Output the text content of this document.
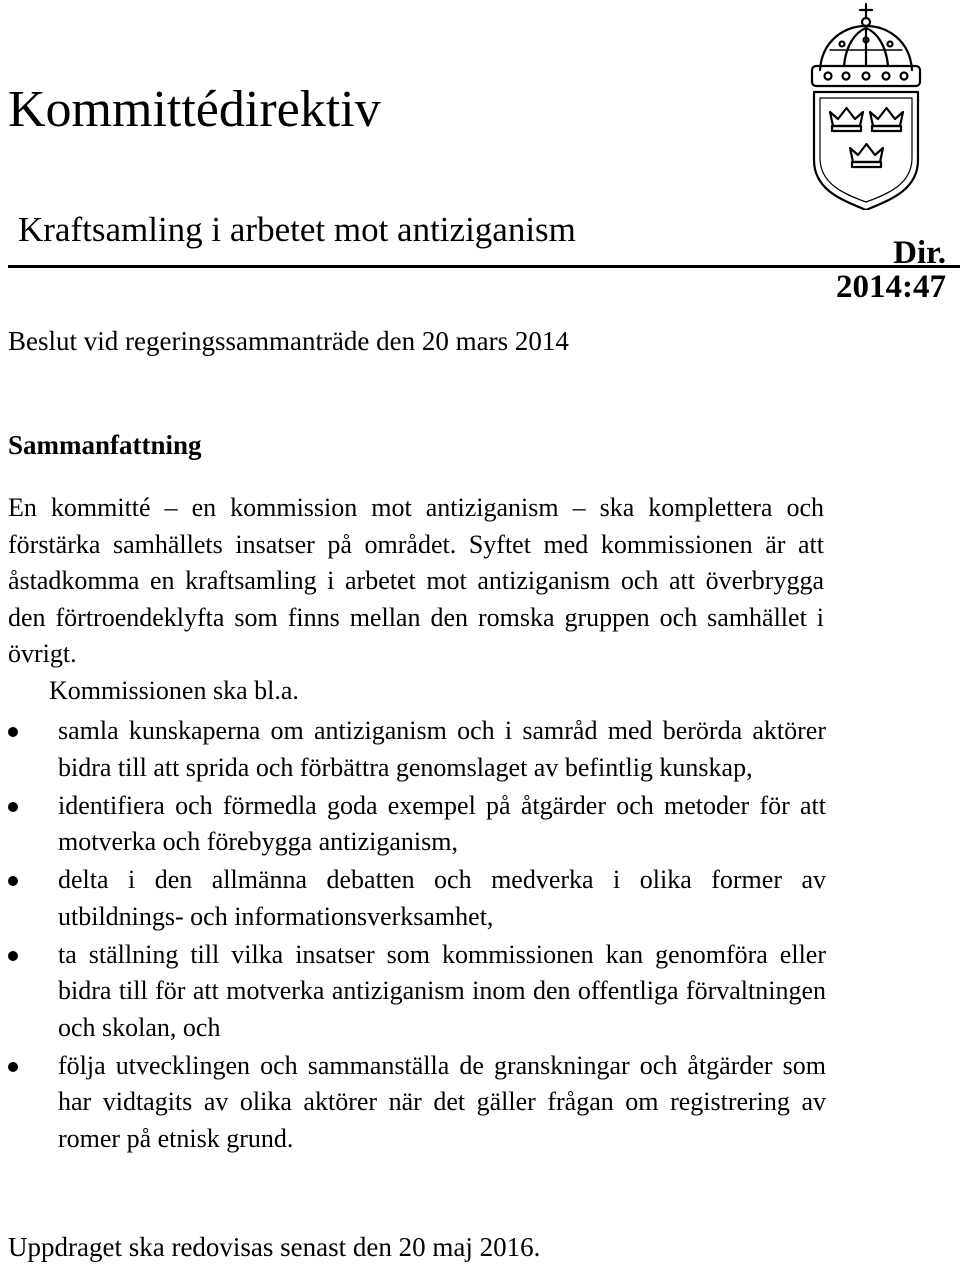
Kommittédirektiv
Kraftsamling i arbetet mot antiziganism
Dir.
2014:47
Beslut vid regeringssammanträde den 20 mars 2014
Sammanfattning

En kommitté – en kommission mot antiziganism – ska komplettera och förstärka samhällets insatser på området. Syftet med kommissionen är att åstadkomma en kraftsamling i arbetet mot antiziganism och att överbrygga den förtroendeklyfta som finns mellan den romska gruppen och samhället i övrigt.

Kommissionen ska bl.a.
samla kunskaperna om antiziganism och i samråd med berörda aktörer bidra till att sprida och förbättra genomslaget av befintlig kunskap,
identifiera och förmedla goda exempel på åtgärder och metoder för att motverka och förebygga antiziganism,
delta i den allmänna debatten och medverka i olika former av utbildnings- och informationsverksamhet,
ta ställning till vilka insatser som kommissionen kan genomföra eller bidra till för att motverka antiziganism inom den offentliga förvaltningen och skolan, och
följa utvecklingen och sammanställa de granskningar och åtgärder som har vidtagits av olika aktörer när det gäller frågan om registrering av romer på etnisk grund.
Uppdraget ska redovisas senast den 20 maj 2016.
